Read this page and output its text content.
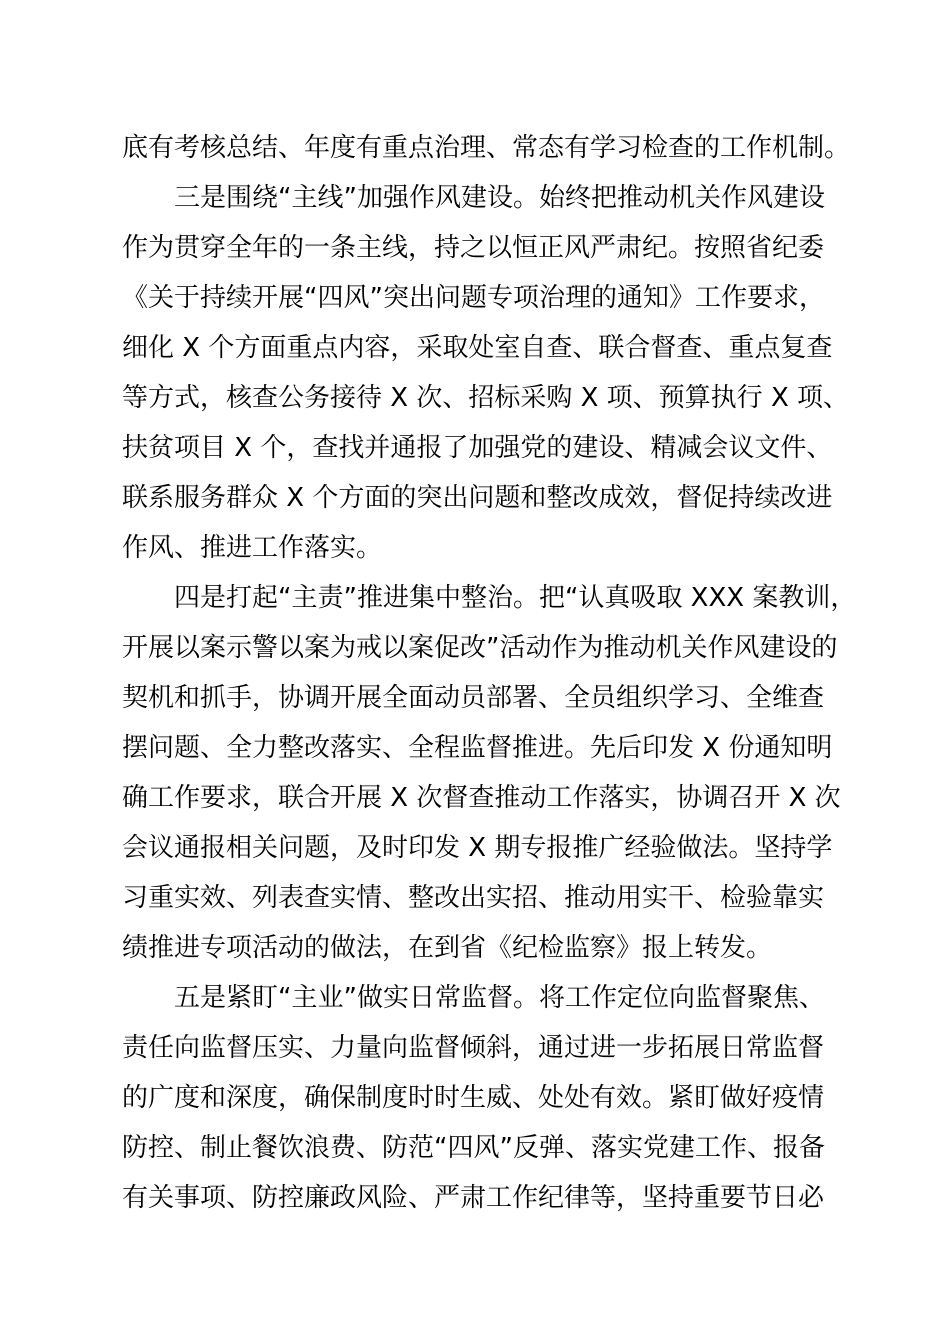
底有考核总结、年度有重点治理、常态有学习检查的工作机制。
三是围绕“主线”加强作风建设。始终把推动机关作风建设
作为贯穿全年的一条主线，持之以恒正风严肃纪。按照省纪委
《关于持续开展“四风”突出问题专项治理的通知》工作要求，
细化 X 个方面重点内容，采取处室自查、联合督查、重点复查
等方式，核查公务接待 X 次、招标采购 X 项、预算执行 X 项、
扶贫项目 X 个，查找并通报了加强党的建设、精减会议文件、
联系服务群众 X 个方面的突出问题和整改成效，督促持续改进
作风、推进工作落实。
四是打起“主责”推进集中整治。把“认真吸取 XXX 案教训，
开展以案示警以案为戒以案促改”活动作为推动机关作风建设的
契机和抓手，协调开展全面动员部署、全员组织学习、全维查
摆问题、全力整改落实、全程监督推进。先后印发 X 份通知明
确工作要求，联合开展 X 次督查推动工作落实，协调召开 X 次
会议通报相关问题，及时印发 X 期专报推广经验做法。坚持学
习重实效、列表查实情、整改出实招、推动用实干、检验靠实
绩推进专项活动的做法，在到省《纪检监察》报上转发。
五是紧盯“主业”做实日常监督。将工作定位向监督聚焦、
责任向监督压实、力量向监督倾斜，通过进一步拓展日常监督
的广度和深度，确保制度时时生威、处处有效。紧盯做好疫情
防控、制止餐饮浪费、防范“四风”反弹、落实党建工作、报备
有关事项、防控廉政风险、严肃工作纪律等，坚持重要节日必
